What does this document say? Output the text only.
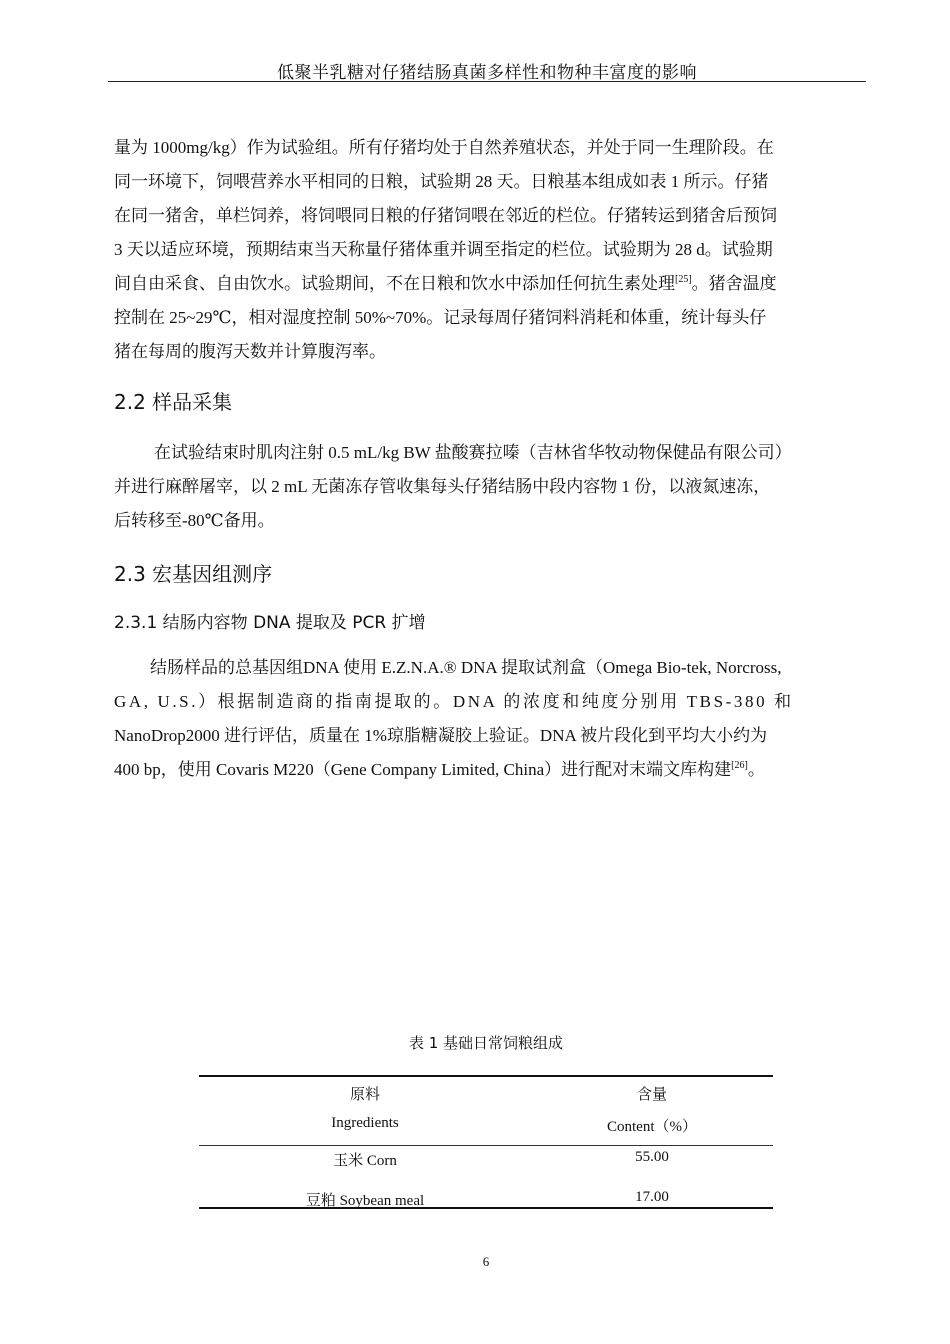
低聚半乳糖对仔猪结肠真菌多样性和物种丰富度的影响
量为 1000mg/kg）作为试验组。所有仔猪均处于自然养殖状态，并处于同一生理阶段。在
同一环境下，饲喂营养水平相同的日粮，试验期 28 天。日粮基本组成如表 1 所示。仔猪
在同一猪舍，单栏饲养，将饲喂同日粮的仔猪饲喂在邻近的栏位。仔猪转运到猪舍后预饲
3 天以适应环境，预期结束当天称量仔猪体重并调至指定的栏位。试验期为 28 d。试验期
间自由采食、自由饮水。试验期间，不在日粮和饮水中添加任何抗生素处理[25]。猪舍温度
控制在 25~29℃，相对湿度控制 50%~70%。记录每周仔猪饲料消耗和体重，统计每头仔
猪在每周的腹泻天数并计算腹泻率。
2.2 样品采集
在试验结束时肌肉注射 0.5 mL/kg BW 盐酸赛拉嗪（吉林省华牧动物保健品有限公司）
并进行麻醉屠宰，以 2 mL 无菌冻存管收集每头仔猪结肠中段内容物 1 份，以液氮速冻，
后转移至-80℃备用。
2.3 宏基因组测序
2.3.1 结肠内容物 DNA 提取及 PCR 扩增
结肠样品的总基因组DNA 使用 E.Z.N.A.® DNA 提取试剂盒（Omega Bio-tek, Norcross,
GA, U.S.）根据制造商的指南提取的。DNA 的浓度和纯度分别用 TBS-380 和
NanoDrop2000 进行评估，质量在 1%琼脂糖凝胶上验证。DNA 被片段化到平均大小约为
400 bp，使用 Covaris M220（Gene Company Limited, China）进行配对末端文库构建[26]。
表 1 基础日常饲粮组成
原料	含量
Ingredients	Content（%）
玉米 Corn	55.00
豆粕 Soybean meal	17.00
6
